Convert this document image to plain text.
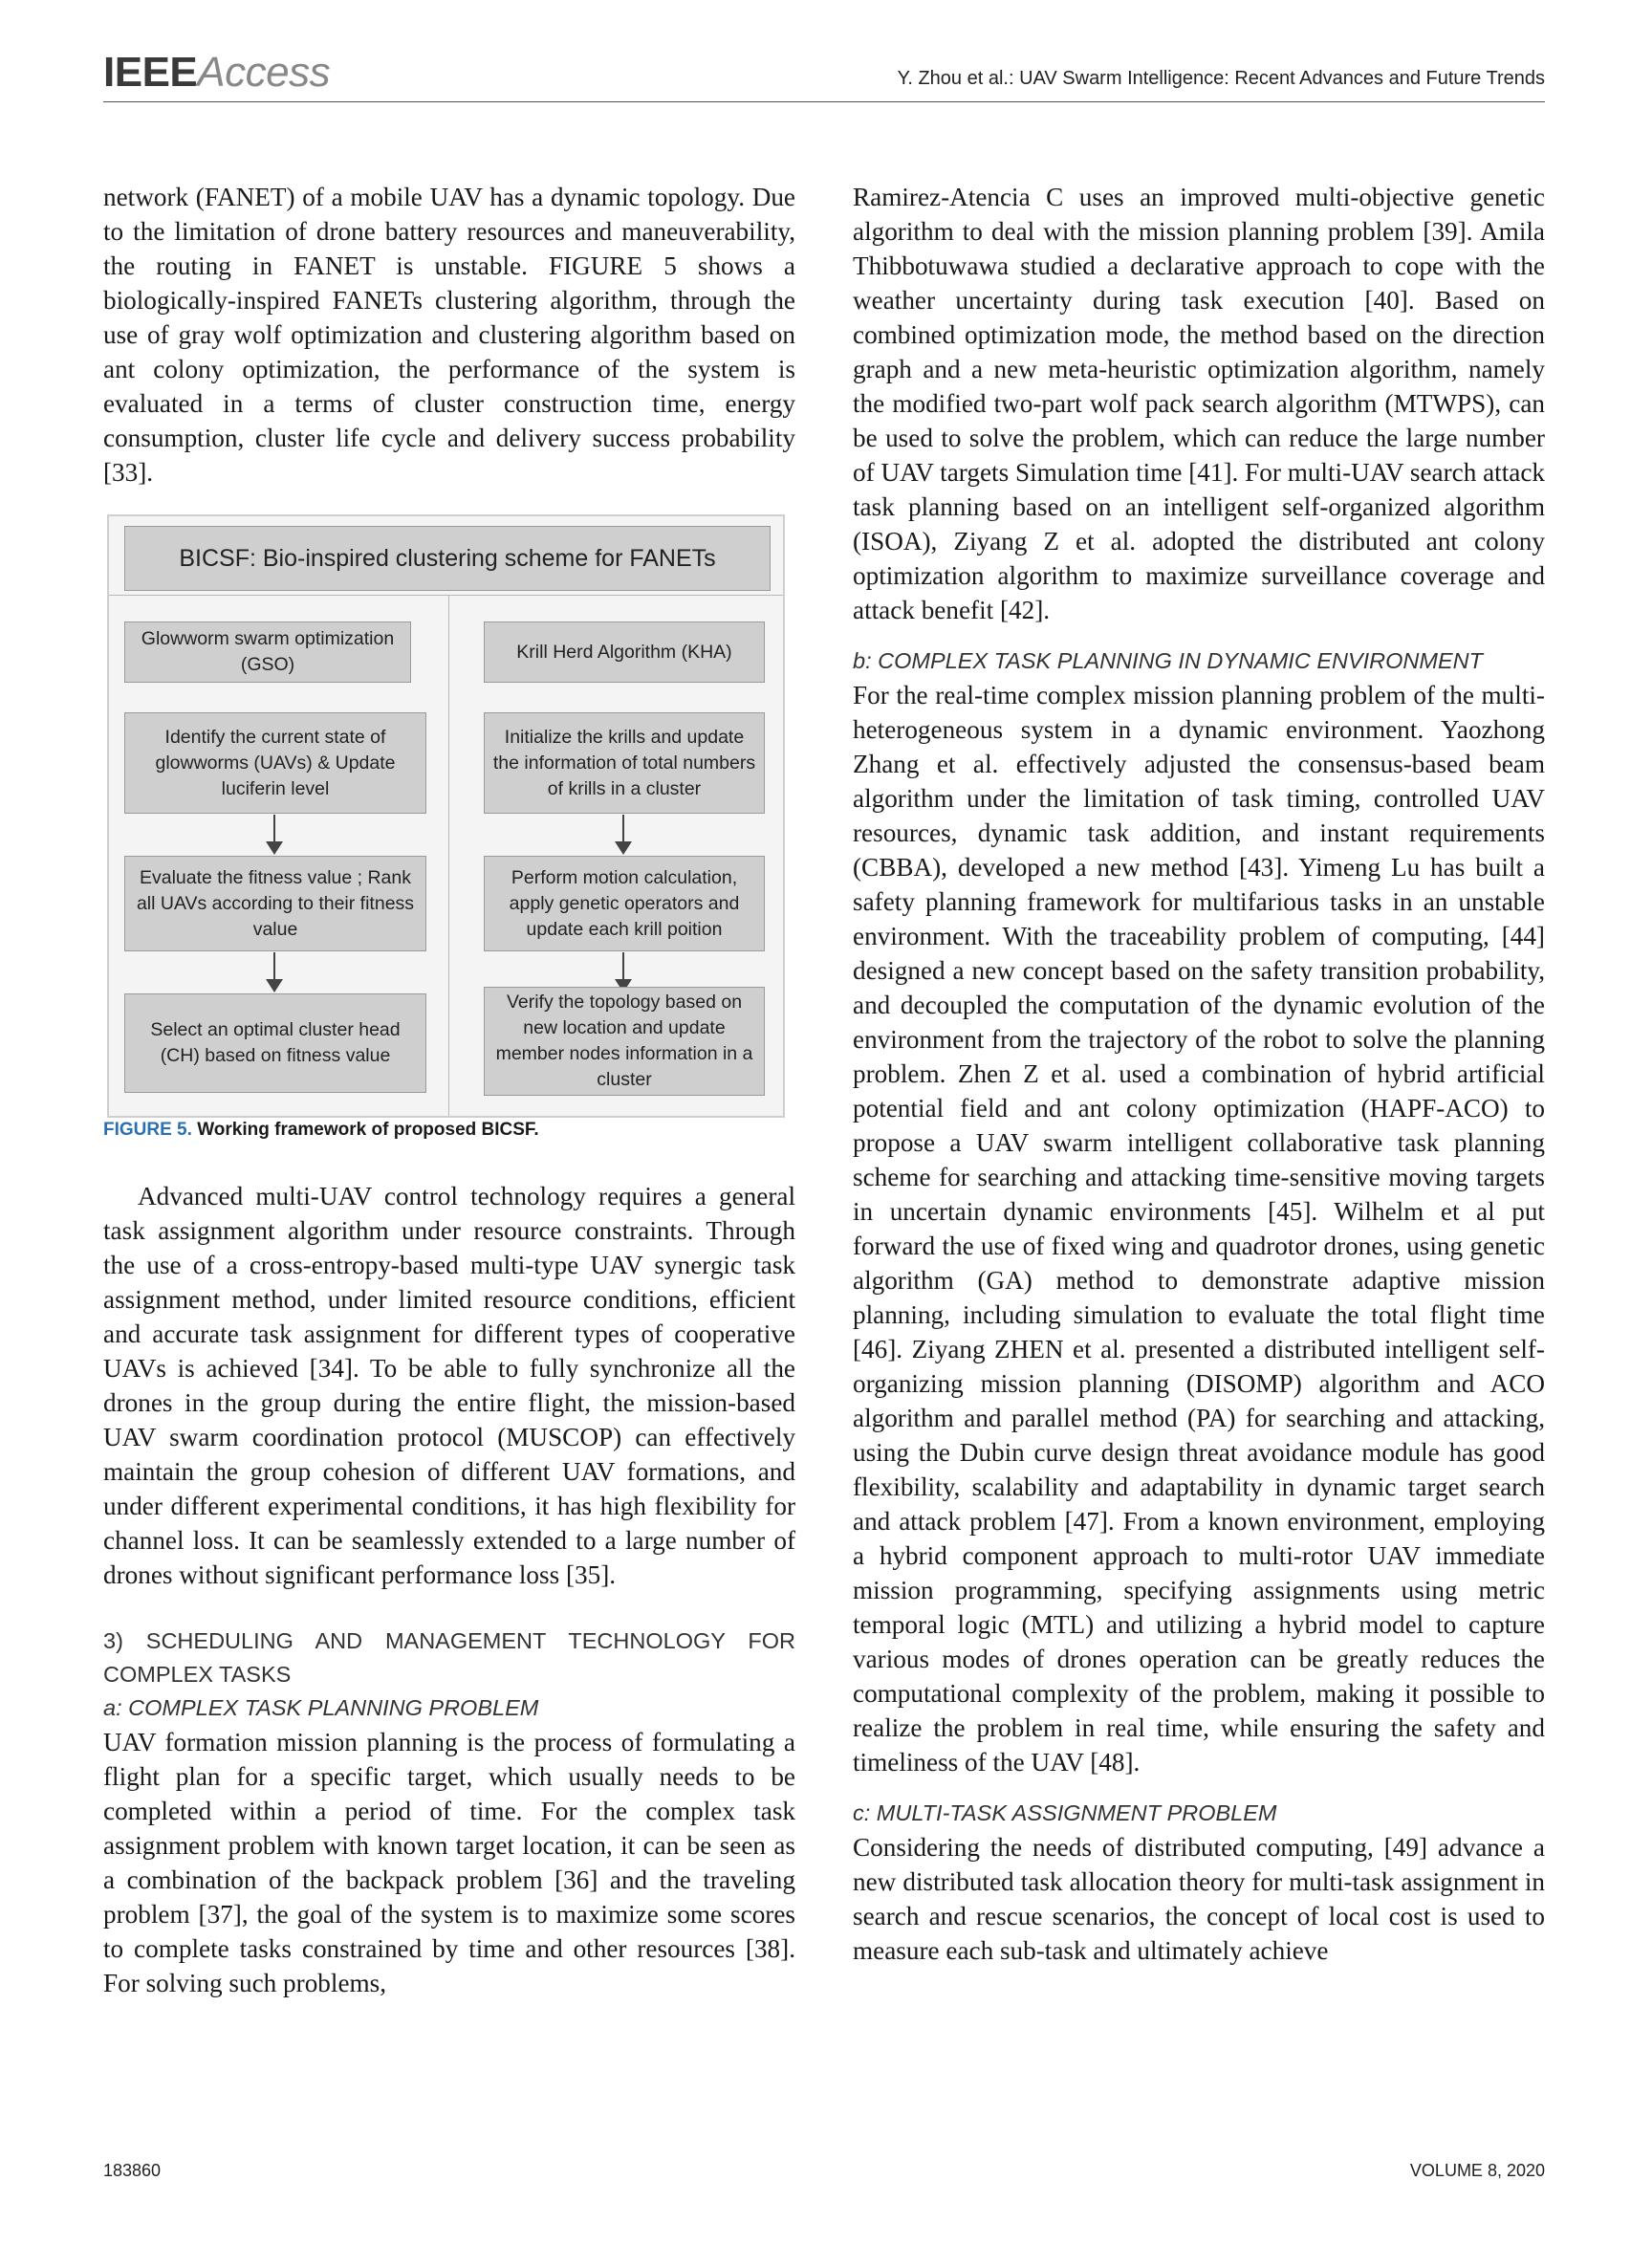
IEEEAccess	Y. Zhou et al.: UAV Swarm Intelligence: Recent Advances and Future Trends

network (FANET) of a mobile UAV has a dynamic topology. Due to the limitation of drone battery resources and maneuverability, the routing in FANET is unstable. FIGURE 5 shows a biologically-inspired FANETs clustering algorithm, through the use of gray wolf optimization and clustering algorithm based on ant colony optimization, the performance of the system is evaluated in a terms of cluster construction time, energy consumption, cluster life cycle and delivery success probability [33].

BICSF: Bio-inspired clustering scheme for FANETs
Glowworm swarm optimization (GSO)
Krill Herd Algorithm (KHA)
Identify the current state of glowworms (UAVs) & Update luciferin level
Evaluate the fitness value ; Rank all UAVs according to their fitness value
Select an optimal cluster head (CH) based on fitness value
Initialize the krills and update the information of total numbers of krills in a cluster
Perform motion calculation, apply genetic operators and update each krill poition
Verify the topology based on new location and update member nodes information in a cluster

FIGURE 5. Working framework of proposed BICSF.

Advanced multi-UAV control technology requires a general task assignment algorithm under resource constraints. Through the use of a cross-entropy-based multi-type UAV synergic task assignment method, under limited resource conditions, efficient and accurate task assignment for different types of cooperative UAVs is achieved [34]. To be able to fully synchronize all the drones in the group during the entire flight, the mission-based UAV swarm coordination protocol (MUSCOP) can effectively maintain the group cohesion of different UAV formations, and under different experimental conditions, it has high flexibility for channel loss. It can be seamlessly extended to a large number of drones without significant performance loss [35].

3) SCHEDULING AND MANAGEMENT TECHNOLOGY FOR COMPLEX TASKS

a: COMPLEX TASK PLANNING PROBLEM

UAV formation mission planning is the process of formulating a flight plan for a specific target, which usually needs to be completed within a period of time. For the complex task assignment problem with known target location, it can be seen as a combination of the backpack problem [36] and the traveling problem [37], the goal of the system is to maximize some scores to complete tasks constrained by time and other resources [38]. For solving such problems,

Ramirez-Atencia C uses an improved multi-objective genetic algorithm to deal with the mission planning problem [39]. Amila Thibbotuwawa studied a declarative approach to cope with the weather uncertainty during task execution [40]. Based on combined optimization mode, the method based on the direction graph and a new meta-heuristic optimization algorithm, namely the modified two-part wolf pack search algorithm (MTWPS), can be used to solve the problem, which can reduce the large number of UAV targets Simulation time [41]. For multi-UAV search attack task planning based on an intelligent self-organized algorithm (ISOA), Ziyang Z et al. adopted the distributed ant colony optimization algorithm to maximize surveillance coverage and attack benefit [42].

b: COMPLEX TASK PLANNING IN DYNAMIC ENVIRONMENT

For the real-time complex mission planning problem of the multi-heterogeneous system in a dynamic environment. Yaozhong Zhang et al. effectively adjusted the consensus-based beam algorithm under the limitation of task timing, controlled UAV resources, dynamic task addition, and instant requirements (CBBA), developed a new method [43]. Yimeng Lu has built a safety planning framework for multifarious tasks in an unstable environment. With the traceability problem of computing, [44] designed a new concept based on the safety transition probability, and decoupled the computation of the dynamic evolution of the environment from the trajectory of the robot to solve the planning problem. Zhen Z et al. used a combination of hybrid artificial potential field and ant colony optimization (HAPF-ACO) to propose a UAV swarm intelligent collaborative task planning scheme for searching and attacking time-sensitive moving targets in uncertain dynamic environments [45]. Wilhelm et al put forward the use of fixed wing and quadrotor drones, using genetic algorithm (GA) method to demonstrate adaptive mission planning, including simulation to evaluate the total flight time [46]. Ziyang ZHEN et al. presented a distributed intelligent self-organizing mission planning (DISOMP) algorithm and ACO algorithm and parallel method (PA) for searching and attacking, using the Dubin curve design threat avoidance module has good flexibility, scalability and adaptability in dynamic target search and attack problem [47]. From a known environment, employing a hybrid component approach to multi-rotor UAV immediate mission programming, specifying assignments using metric temporal logic (MTL) and utilizing a hybrid model to capture various modes of drones operation can be greatly reduces the computational complexity of the problem, making it possible to realize the problem in real time, while ensuring the safety and timeliness of the UAV [48].

c: MULTI-TASK ASSIGNMENT PROBLEM

Considering the needs of distributed computing, [49] advance a new distributed task allocation theory for multi-task assignment in search and rescue scenarios, the concept of local cost is used to measure each sub-task and ultimately achieve

183860	VOLUME 8, 2020
